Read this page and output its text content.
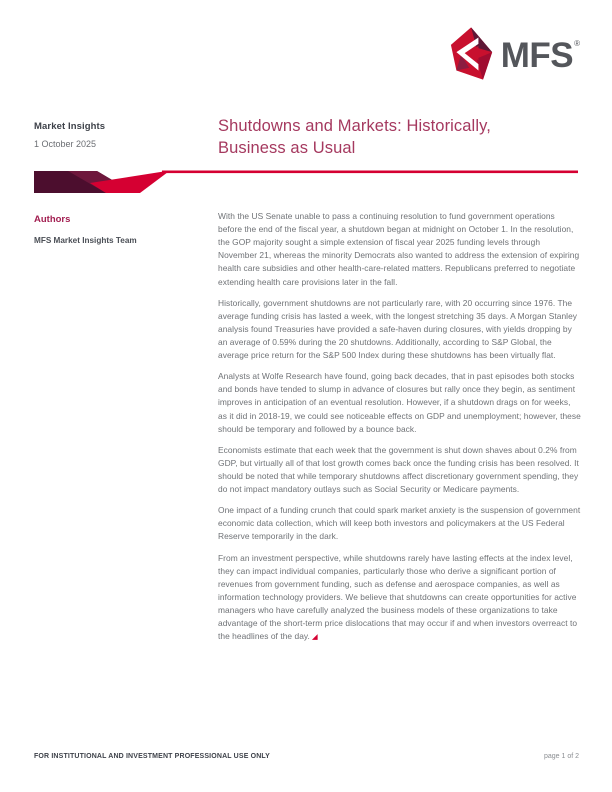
MFS®
Market Insights
1 October 2025
Shutdowns and Markets: Historically,
Business as Usual
Authors
MFS Market Insights Team

With the US Senate unable to pass a continuing resolution to fund government operations before the end of the fiscal year, a shutdown began at midnight on October 1. In the resolution, the GOP majority sought a simple extension of fiscal year 2025 funding levels through November 21, whereas the minority Democrats also wanted to address the extension of expiring health care subsidies and other health-care-related matters. Republicans preferred to negotiate extending health care provisions later in the fall.

Historically, government shutdowns are not particularly rare, with 20 occurring since 1976. The average funding crisis has lasted a week, with the longest stretching 35 days. A Morgan Stanley analysis found Treasuries have provided a safe-haven during closures, with yields dropping by an average of 0.59% during the 20 shutdowns. Additionally, according to S&P Global, the average price return for the S&P 500 Index during these shutdowns has been virtually flat.

Analysts at Wolfe Research have found, going back decades, that in past episodes both stocks and bonds have tended to slump in advance of closures but rally once they begin, as sentiment improves in anticipation of an eventual resolution. However, if a shutdown drags on for weeks, as it did in 2018-19, we could see noticeable effects on GDP and unemployment; however, these should be temporary and followed by a bounce back.

Economists estimate that each week that the government is shut down shaves about 0.2% from GDP, but virtually all of that lost growth comes back once the funding crisis has been resolved. It should be noted that while temporary shutdowns affect discretionary government spending, they do not impact mandatory outlays such as Social Security or Medicare payments.

One impact of a funding crunch that could spark market anxiety is the suspension of government economic data collection, which will keep both investors and policymakers at the US Federal Reserve temporarily in the dark.

From an investment perspective, while shutdowns rarely have lasting effects at the index level, they can impact individual companies, particularly those who derive a significant portion of revenues from government funding, such as defense and aerospace companies, as well as information technology providers. We believe that shutdowns can create opportunities for active managers who have carefully analyzed the business models of these organizations to take advantage of the short-term price dislocations that may occur if and when investors overreact to the headlines of the day. ◢

FOR INSTITUTIONAL AND INVESTMENT PROFESSIONAL USE ONLY	page 1 of 2
